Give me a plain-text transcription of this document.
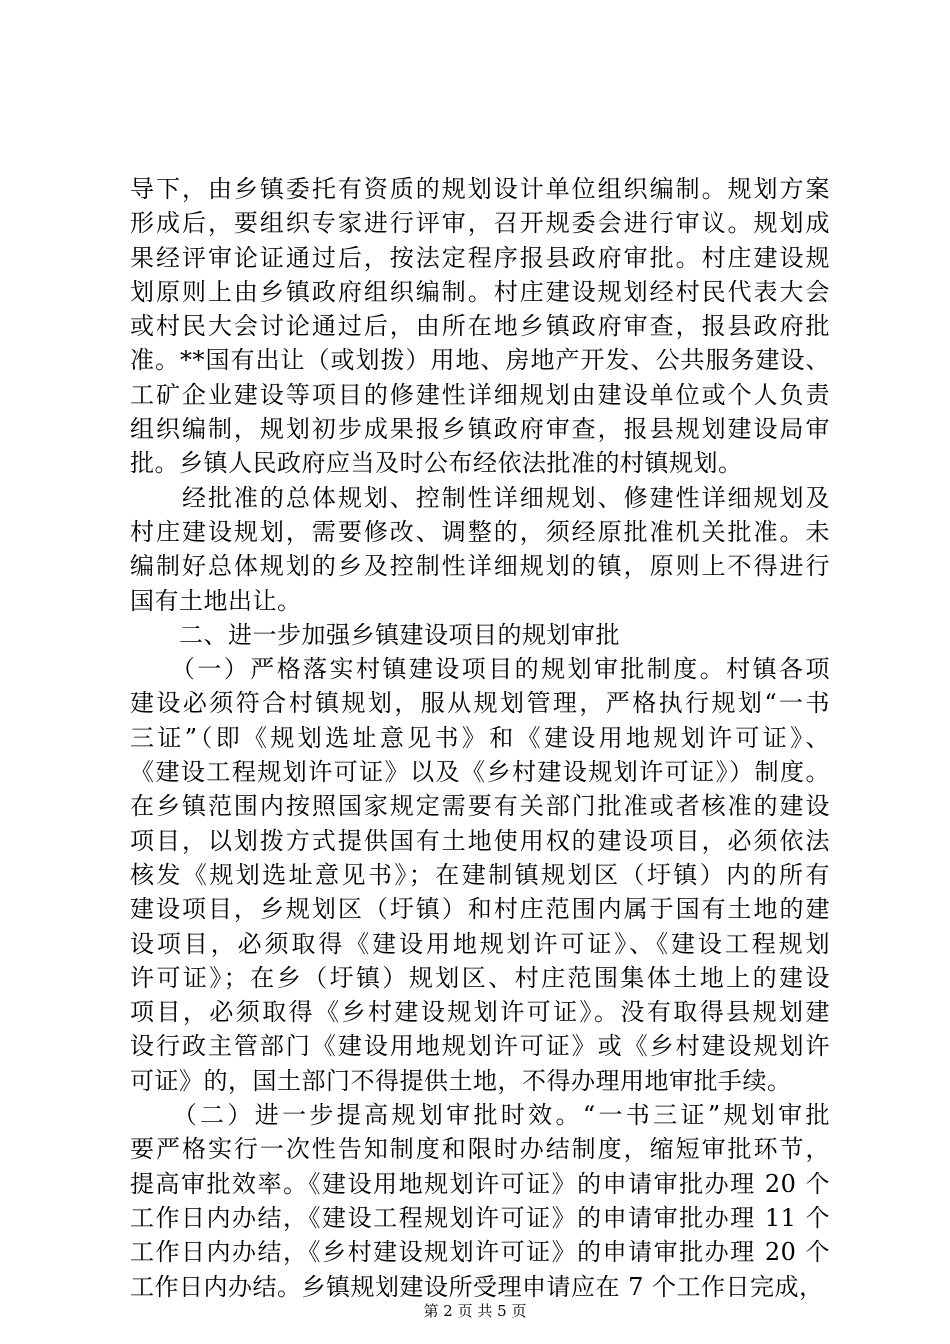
导下，由乡镇委托有资质的规划设计单位组织编制。规划方案
形成后，要组织专家进行评审，召开规委会进行审议。规划成
果经评审论证通过后，按法定程序报县政府审批。村庄建设规
划原则上由乡镇政府组织编制。村庄建设规划经村民代表大会
或村民大会讨论通过后，由所在地乡镇政府审查，报县政府批
准。**国有出让（或划拨）用地、房地产开发、公共服务建设、
工矿企业建设等项目的修建性详细规划由建设单位或个人负责
组织编制，规划初步成果报乡镇政府审查，报县规划建设局审
批。乡镇人民政府应当及时公布经依法批准的村镇规划。
　　经批准的总体规划、控制性详细规划、修建性详细规划及
村庄建设规划，需要修改、调整的，须经原批准机关批准。未
编制好总体规划的乡及控制性详细规划的镇，原则上不得进行
国有土地出让。
　　二、进一步加强乡镇建设项目的规划审批
　　（一）严格落实村镇建设项目的规划审批制度。村镇各项
建设必须符合村镇规划，服从规划管理，严格执行规划“一书
三证”（即《规划选址意见书》和《建设用地规划许可证》、
《建设工程规划许可证》以及《乡村建设规划许可证》）制度。
在乡镇范围内按照国家规定需要有关部门批准或者核准的建设
项目，以划拨方式提供国有土地使用权的建设项目，必须依法
核发《规划选址意见书》；在建制镇规划区（圩镇）内的所有
建设项目，乡规划区（圩镇）和村庄范围内属于国有土地的建
设项目，必须取得《建设用地规划许可证》、《建设工程规划
许可证》；在乡（圩镇）规划区、村庄范围集体土地上的建设
项目，必须取得《乡村建设规划许可证》。没有取得县规划建
设行政主管部门《建设用地规划许可证》或《乡村建设规划许
可证》的，国土部门不得提供土地，不得办理用地审批手续。
　　（二）进一步提高规划审批时效。“一书三证”规划审批
要严格实行一次性告知制度和限时办结制度，缩短审批环节，
提高审批效率。《建设用地规划许可证》的申请审批办理 20 个
工作日内办结，《建设工程规划许可证》的申请审批办理 11 个
工作日内办结，《乡村建设规划许可证》的申请审批办理 20 个
工作日内办结。乡镇规划建设所受理申请应在 7 个工作日完成，
第 2 页 共 5 页
